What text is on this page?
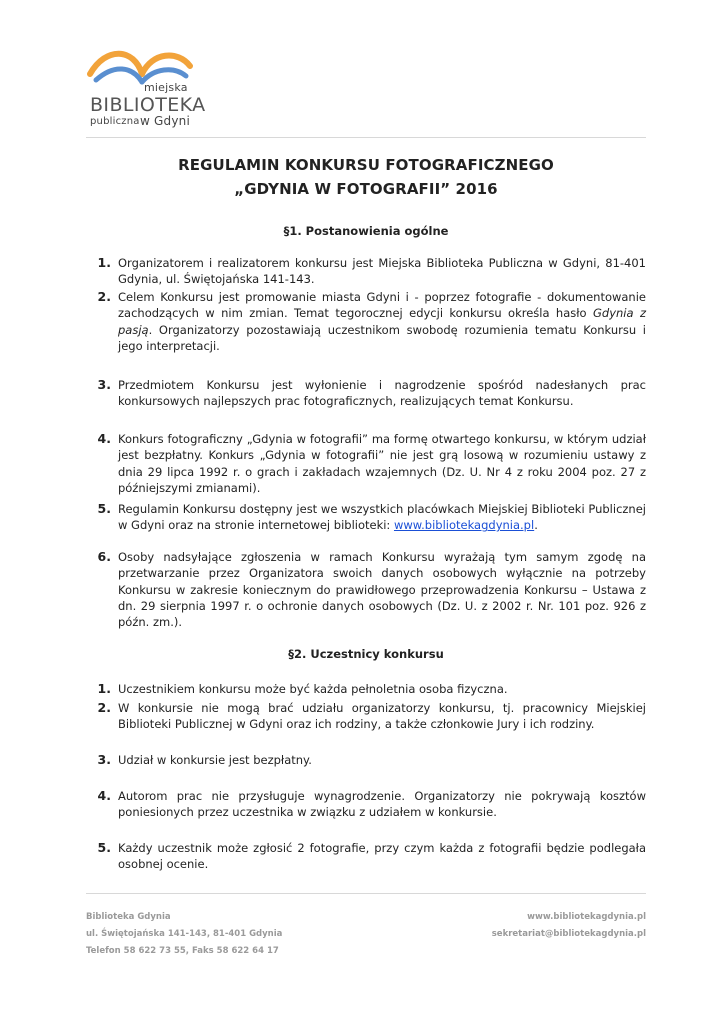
miejska
BIBLIOTEKA
publiczna w Gdyni
REGULAMIN KONKURSU FOTOGRAFICZNEGO
„GDYNIA W FOTOGRAFII” 2016
§1. Postanowienia ogólne
1. Organizatorem i realizatorem konkursu jest Miejska Biblioteka Publiczna w Gdyni, 81-401 Gdynia, ul. Świętojańska 141-143.
2. Celem Konkursu jest promowanie miasta Gdyni i - poprzez fotografie - dokumentowanie zachodzących w nim zmian. Temat tegorocznej edycji konkursu określa hasło Gdynia z pasją. Organizatorzy pozostawiają uczestnikom swobodę rozumienia tematu Konkursu i jego interpretacji.
3. Przedmiotem Konkursu jest wyłonienie i nagrodzenie spośród nadesłanych prac konkursowych najlepszych prac fotograficznych, realizujących temat Konkursu.
4. Konkurs fotograficzny „Gdynia w fotografii” ma formę otwartego konkursu, w którym udział jest bezpłatny. Konkurs „Gdynia w fotografii” nie jest grą losową w rozumieniu ustawy z dnia 29 lipca 1992 r. o grach i zakładach wzajemnych (Dz. U. Nr 4 z roku 2004 poz. 27 z późniejszymi zmianami).
5. Regulamin Konkursu dostępny jest we wszystkich placówkach Miejskiej Biblioteki Publicznej w Gdyni oraz na stronie internetowej biblioteki: www.bibliotekagdynia.pl.
6. Osoby nadsyłające zgłoszenia w ramach Konkursu wyrażają tym samym zgodę na przetwarzanie przez Organizatora swoich danych osobowych wyłącznie na potrzeby Konkursu w zakresie koniecznym do prawidłowego przeprowadzenia Konkursu – Ustawa z dn. 29 sierpnia 1997 r. o ochronie danych osobowych (Dz. U. z 2002 r. Nr. 101 poz. 926 z późn. zm.).
§2. Uczestnicy konkursu
1. Uczestnikiem konkursu może być każda pełnoletnia osoba fizyczna.
2. W konkursie nie mogą brać udziału organizatorzy konkursu, tj. pracownicy Miejskiej Biblioteki Publicznej w Gdyni oraz ich rodziny, a także członkowie Jury i ich rodziny.
3. Udział w konkursie jest bezpłatny.
4. Autorom prac nie przysługuje wynagrodzenie. Organizatorzy nie pokrywają kosztów poniesionych przez uczestnika w związku z udziałem w konkursie.
5. Każdy uczestnik może zgłosić 2 fotografie, przy czym każda z fotografii będzie podlegała osobnej ocenie.
Biblioteka Gdynia
ul. Świętojańska 141-143, 81-401 Gdynia
Telefon 58 622 73 55, Faks 58 622 64 17
www.bibliotekagdynia.pl
sekretariat@bibliotekagdynia.pl
